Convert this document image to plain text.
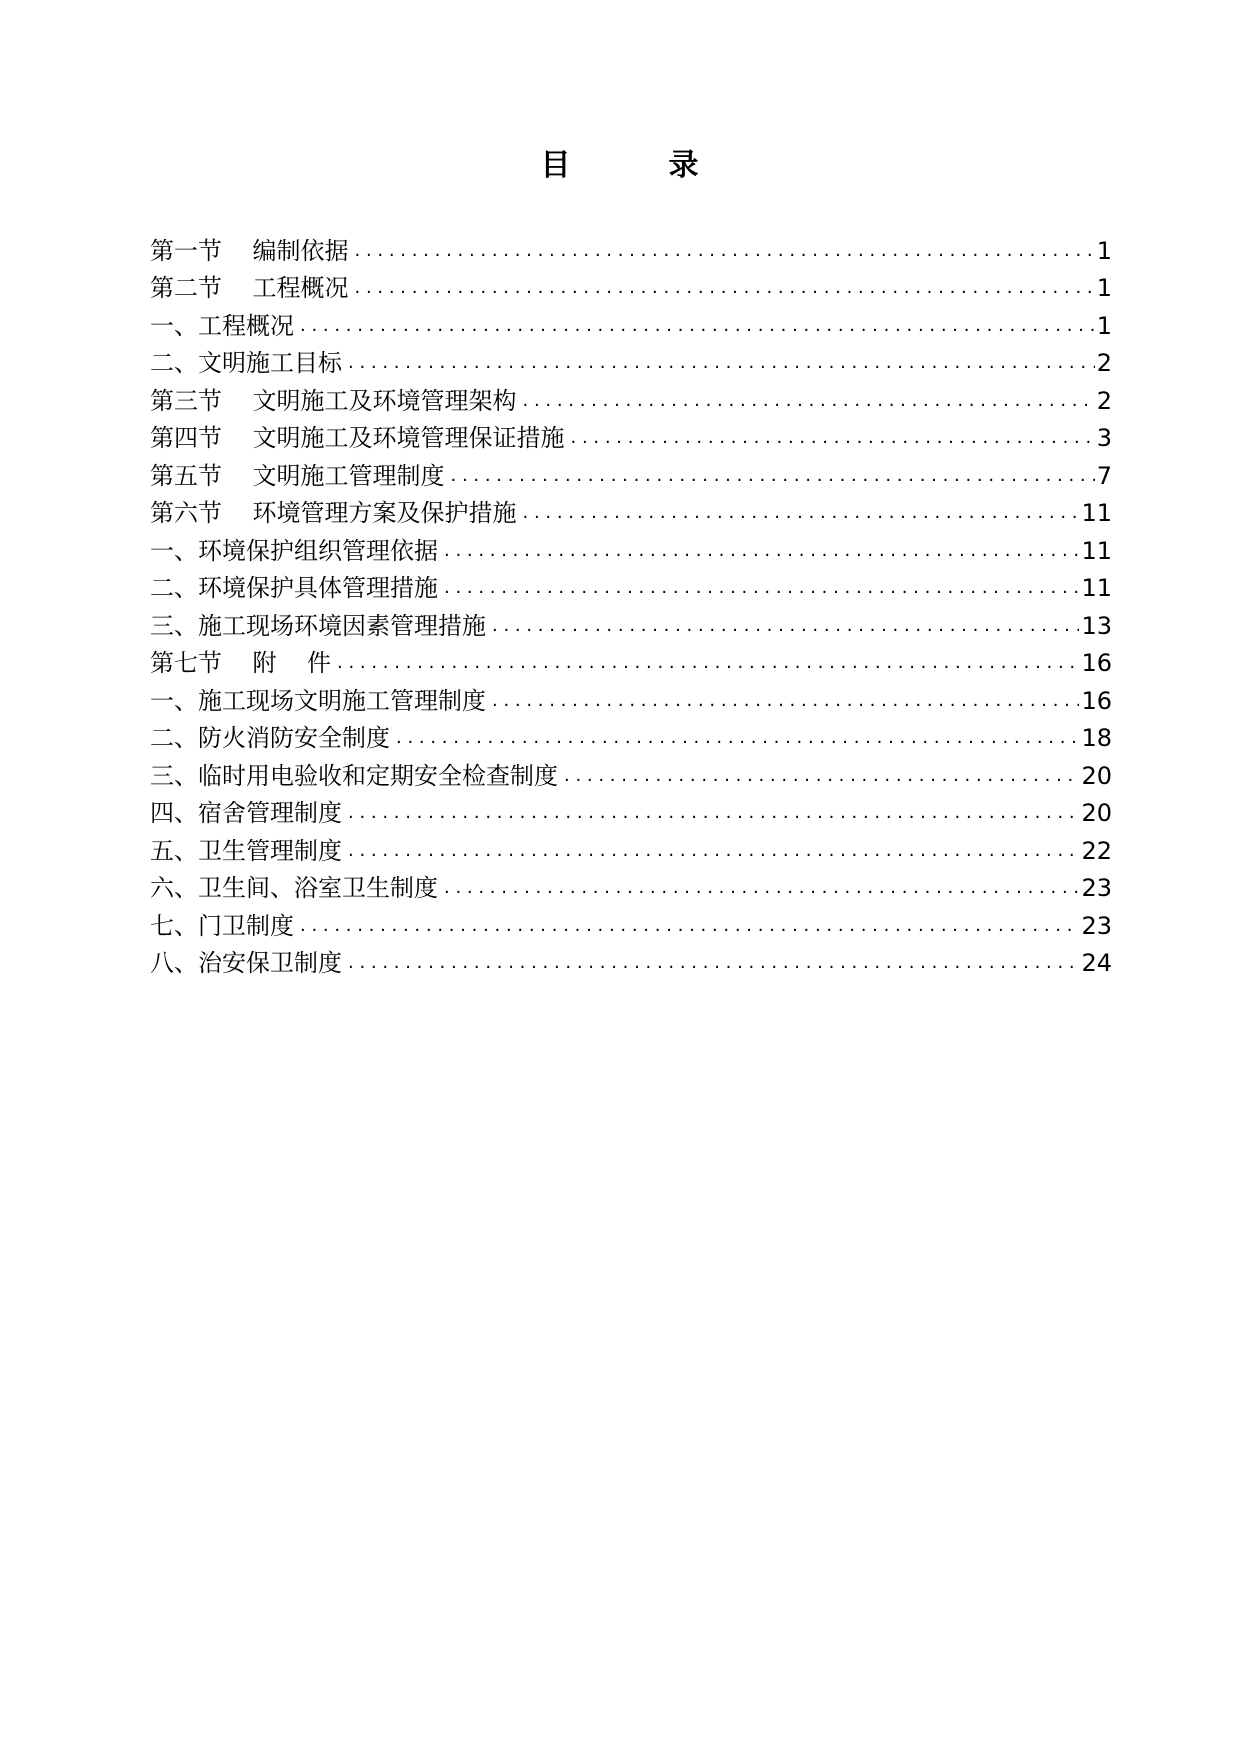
目	录
第一节    编制依据 . . .	1
第二节    工程概况 . . .	1
一、工程概况 . . .	1
二、文明施工目标 . . .	2
第三节    文明施工及环境管理架构 . . .	2
第四节    文明施工及环境管理保证措施 . . .	3
第五节    文明施工管理制度 . . .	7
第六节    环境管理方案及保护措施 . . .	11
一、环境保护组织管理依据 . . .	11
二、环境保护具体管理措施 . . .	11
三、施工现场环境因素管理措施 . . .	13
第七节    附    件 . . .	16
一、施工现场文明施工管理制度 . . .	16
二、防火消防安全制度 . . .	18
三、临时用电验收和定期安全检查制度 . . .	20
四、宿舍管理制度 . . .	20
五、卫生管理制度 . . .	22
六、卫生间、浴室卫生制度 . . .	23
七、门卫制度 . . .	23
八、治安保卫制度 . . .	24
